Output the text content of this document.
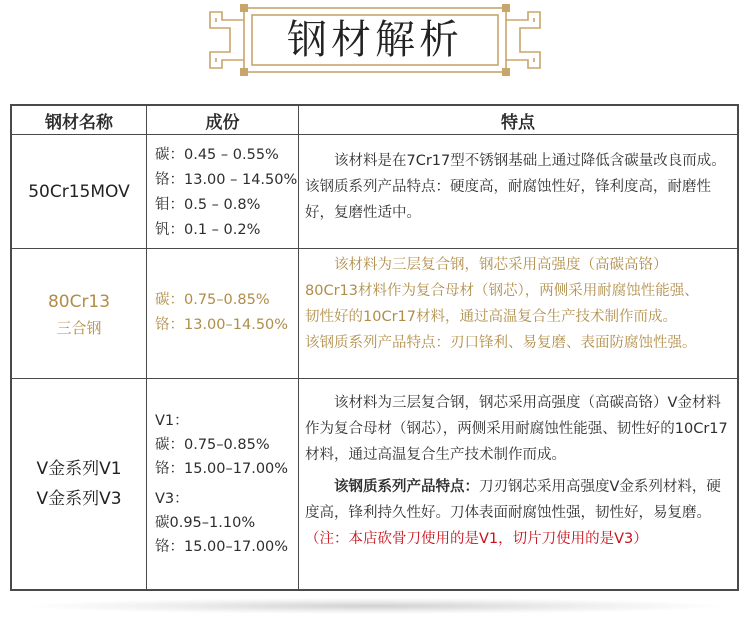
钢材解析
钢材名称	成份	特点
50Cr15MOV
碳：0.45 – 0.55%
铬：13.00 – 14.50%
钼：0.5 – 0.8%
钒：0.1 – 0.2%

该材料是在7Cr17型不锈钢基础上通过降低含碳量改良而成。该钢质系列产品特点：硬度高，耐腐蚀性好，锋利度高，耐磨性好，复磨性适中。

80Cr13
三合钢
碳：0.75–0.85%
铬：13.00–14.50%

该材料为三层复合钢，钢芯采用高强度（高碳高铬）

80Cr13材料作为复合母材（钢芯），两侧采用耐腐蚀性能强、

韧性好的10Cr17材料，通过高温复合生产技术制作而成。

该钢质系列产品特点：刃口锋利、易复磨、表面防腐蚀性强。

V金系列V1
V金系列V3
V1：
碳：0.75–0.85%
铬：15.00–17.00%
V3：
碳0.95–1.10%
铬：15.00–17.00%

该材料为三层复合钢，钢芯采用高强度（高碳高铬）V金材料作为复合母材（钢芯），两侧采用耐腐蚀性能强、韧性好的10Cr17材料，通过高温复合生产技术制作而成。

该钢质系列产品特点：刀刃钢芯采用高强度V金系列材料，硬度高，锋利持久性好。刀体表面耐腐蚀性强，韧性好，易复磨。（注：本店砍骨刀使用的是V1，切片刀使用的是V3）
